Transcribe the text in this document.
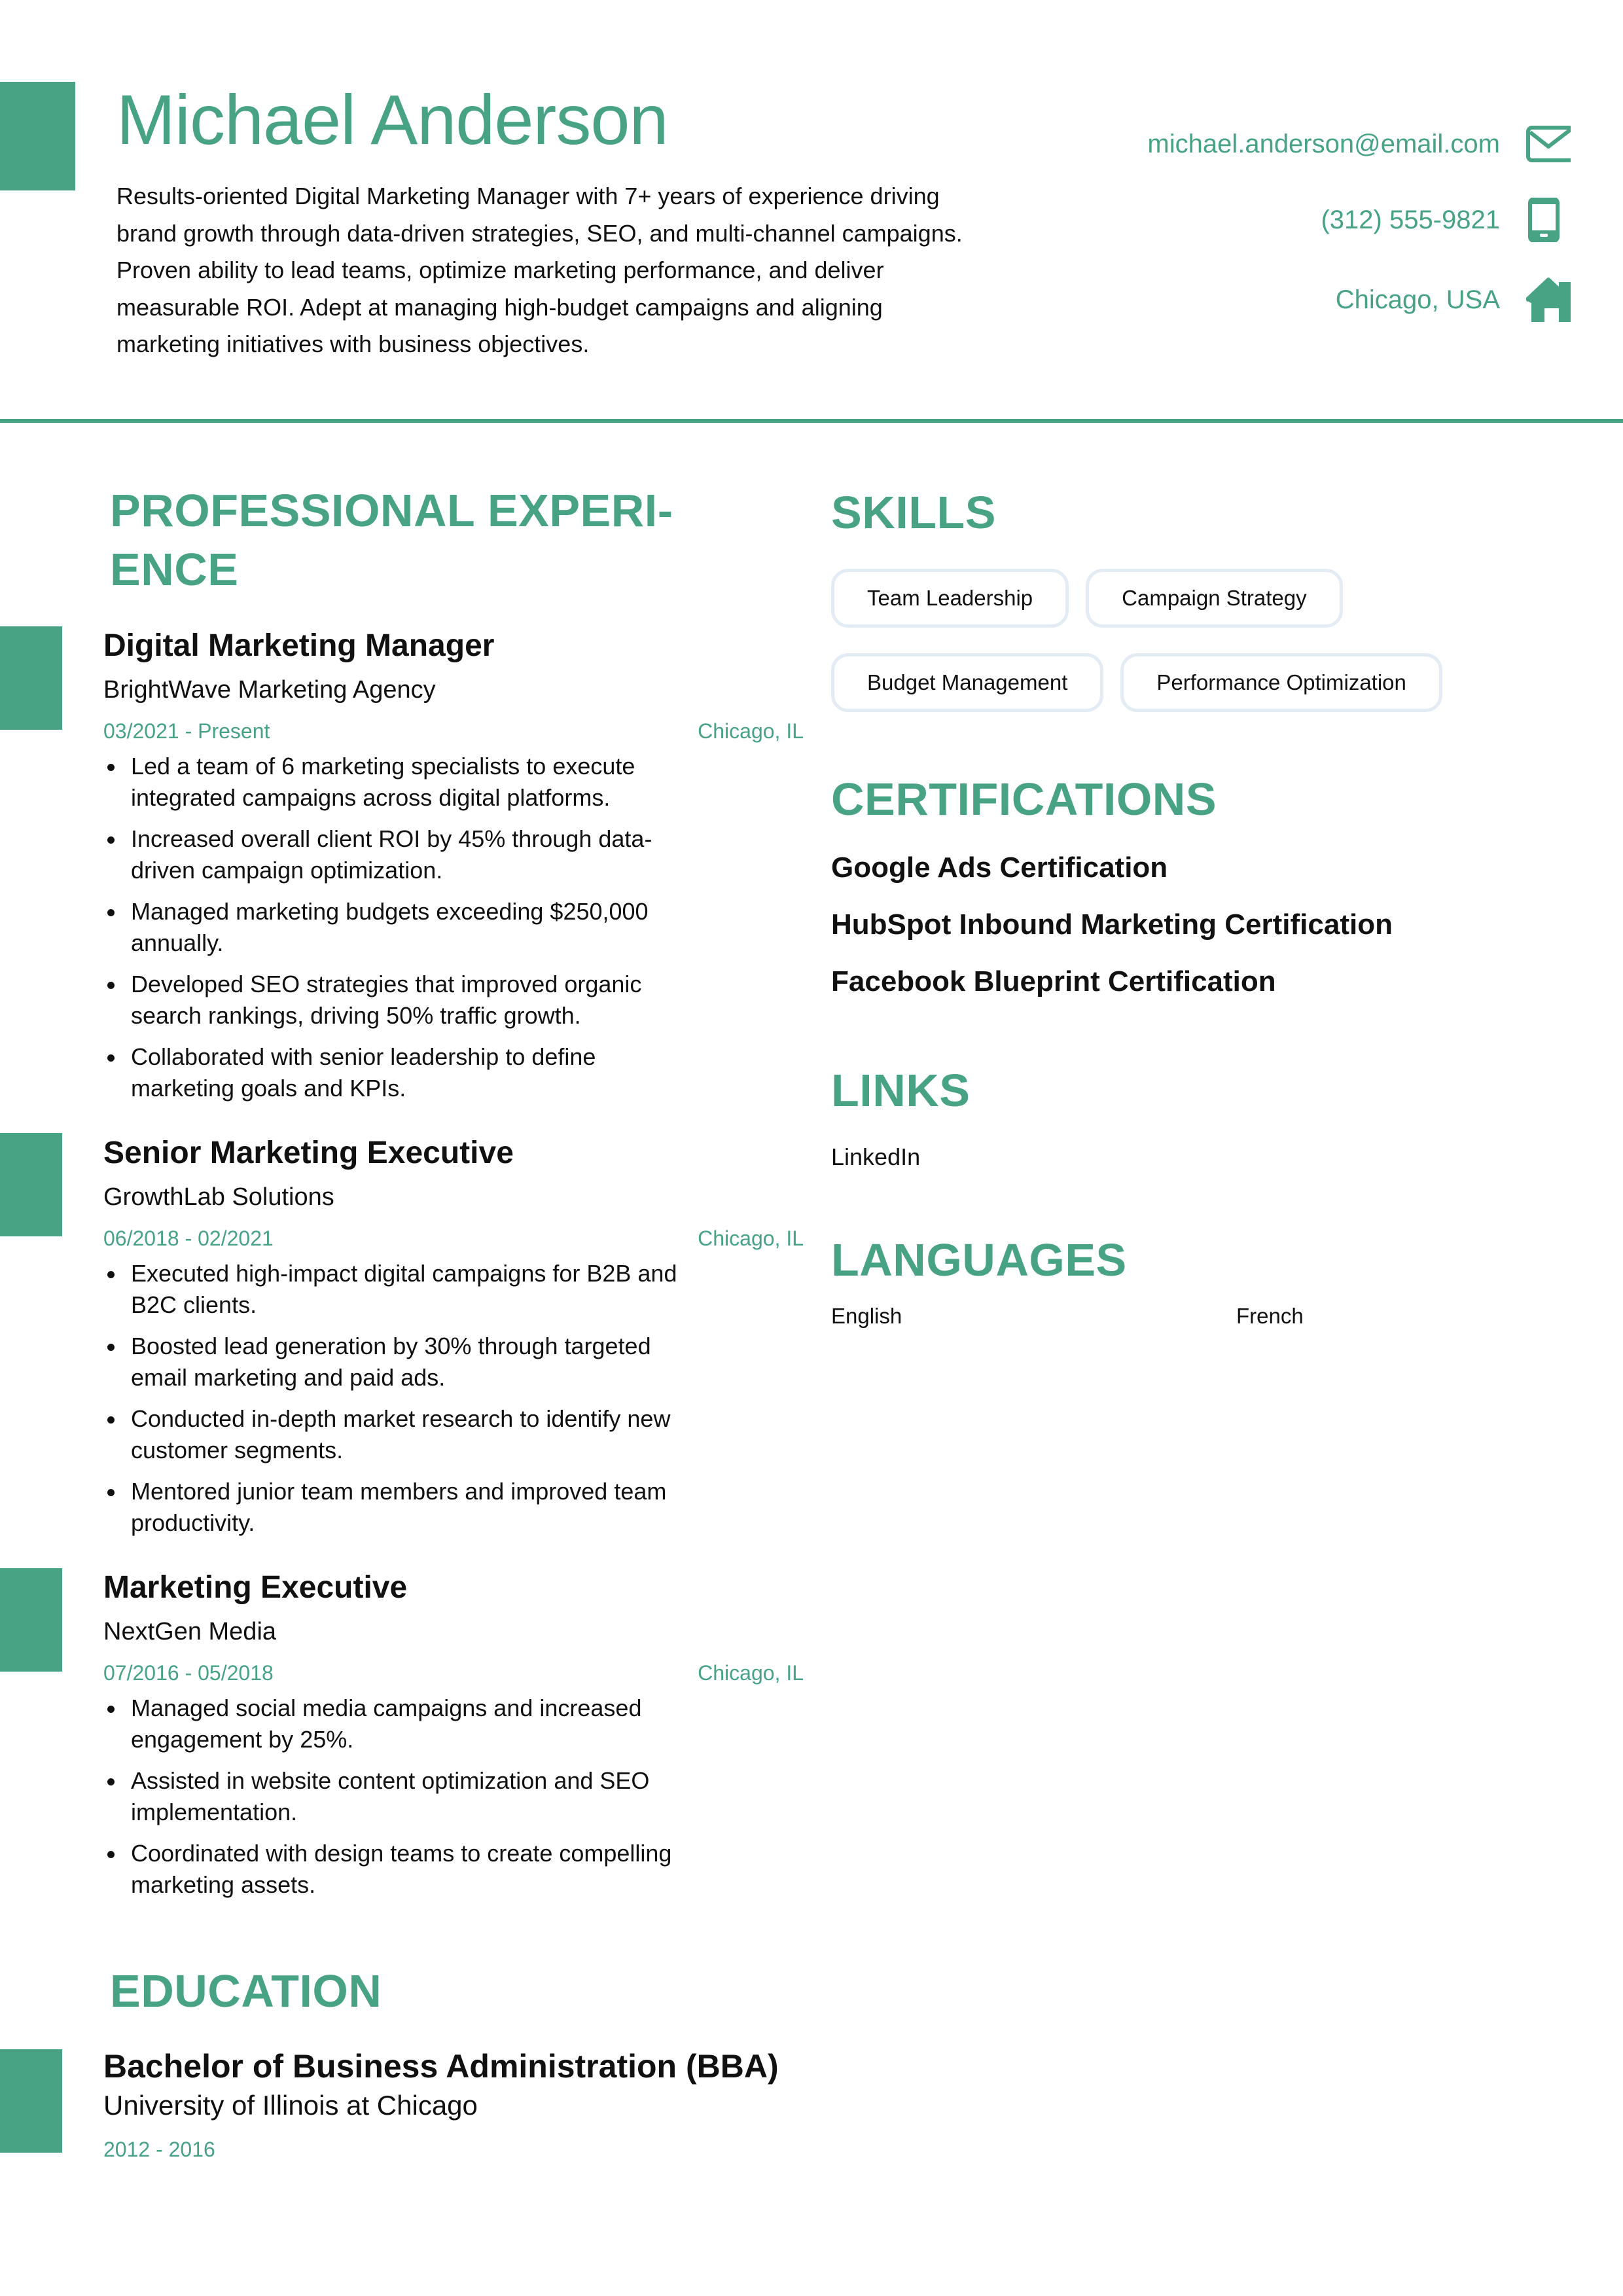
Michael Anderson
Results-oriented Digital Marketing Manager with 7+ years of experience driving brand growth through data-driven strategies, SEO, and multi-channel campaigns. Proven ability to lead teams, optimize marketing performance, and deliver measurable ROI. Adept at managing high-budget campaigns and aligning marketing initiatives with business objectives.
michael.anderson@email.com
(312) 555-9821
Chicago, USA
PROFESSIONAL EXPERI-
ENCE
Digital Marketing Manager
BrightWave Marketing Agency
03/2021 - Present	Chicago, IL
Led a team of 6 marketing specialists to execute integrated campaigns across digital platforms.
Increased overall client ROI by 45% through data-driven campaign optimization.
Managed marketing budgets exceeding $250,000 annually.
Developed SEO strategies that improved organic search rankings, driving 50% traffic growth.
Collaborated with senior leadership to define marketing goals and KPIs.
Senior Marketing Executive
GrowthLab Solutions
06/2018 - 02/2021	Chicago, IL
Executed high-impact digital campaigns for B2B and B2C clients.
Boosted lead generation by 30% through targeted email marketing and paid ads.
Conducted in-depth market research to identify new customer segments.
Mentored junior team members and improved team productivity.
Marketing Executive
NextGen Media
07/2016 - 05/2018	Chicago, IL
Managed social media campaigns and increased engagement by 25%.
Assisted in website content optimization and SEO implementation.
Coordinated with design teams to create compelling marketing assets.
EDUCATION
Bachelor of Business Administration (BBA)
University of Illinois at Chicago
2012 - 2016
SKILLS
Team Leadership	Campaign Strategy
Budget Management	Performance Optimization
CERTIFICATIONS
Google Ads Certification
HubSpot Inbound Marketing Certification
Facebook Blueprint Certification
LINKS
LinkedIn
LANGUAGES
English	French
